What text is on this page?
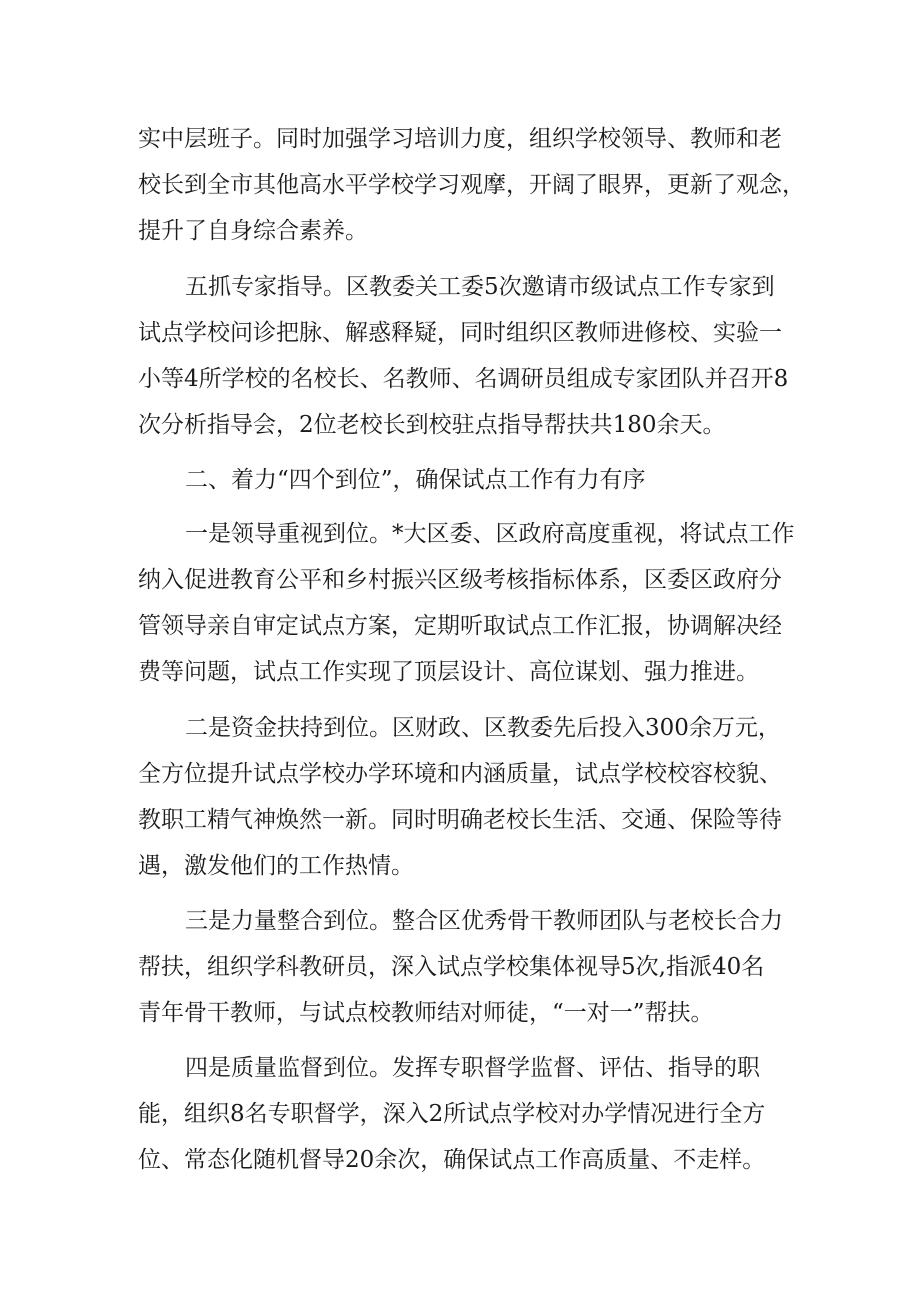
实中层班子。同时加强学习培训力度，组织学校领导、教师和老

校长到全市其他高水平学校学习观摩，开阔了眼界，更新了观念，

提升了自身综合素养。

五抓专家指导。区教委关工委5次邀请市级试点工作专家到

试点学校问诊把脉、解惑释疑，同时组织区教师进修校、实验一

小等4所学校的名校长、名教师、名调研员组成专家团队并召开8

次分析指导会，2位老校长到校驻点指导帮扶共180余天。

二、着力“四个到位”，确保试点工作有力有序

一是领导重视到位。*大区委、区政府高度重视，将试点工作

纳入促进教育公平和乡村振兴区级考核指标体系，区委区政府分

管领导亲自审定试点方案，定期听取试点工作汇报，协调解决经

费等问题，试点工作实现了顶层设计、高位谋划、强力推进。

二是资金扶持到位。区财政、区教委先后投入300余万元，

全方位提升试点学校办学环境和内涵质量，试点学校校容校貌、

教职工精气神焕然一新。同时明确老校长生活、交通、保险等待

遇，激发他们的工作热情。

三是力量整合到位。整合区优秀骨干教师团队与老校长合力

帮扶，组织学科教研员，深入试点学校集体视导5次,指派40名

青年骨干教师，与试点校教师结对师徒，“一对一”帮扶。

四是质量监督到位。发挥专职督学监督、评估、指导的职

能，组织8名专职督学，深入2所试点学校对办学情况进行全方

位、常态化随机督导20余次，确保试点工作高质量、不走样。
